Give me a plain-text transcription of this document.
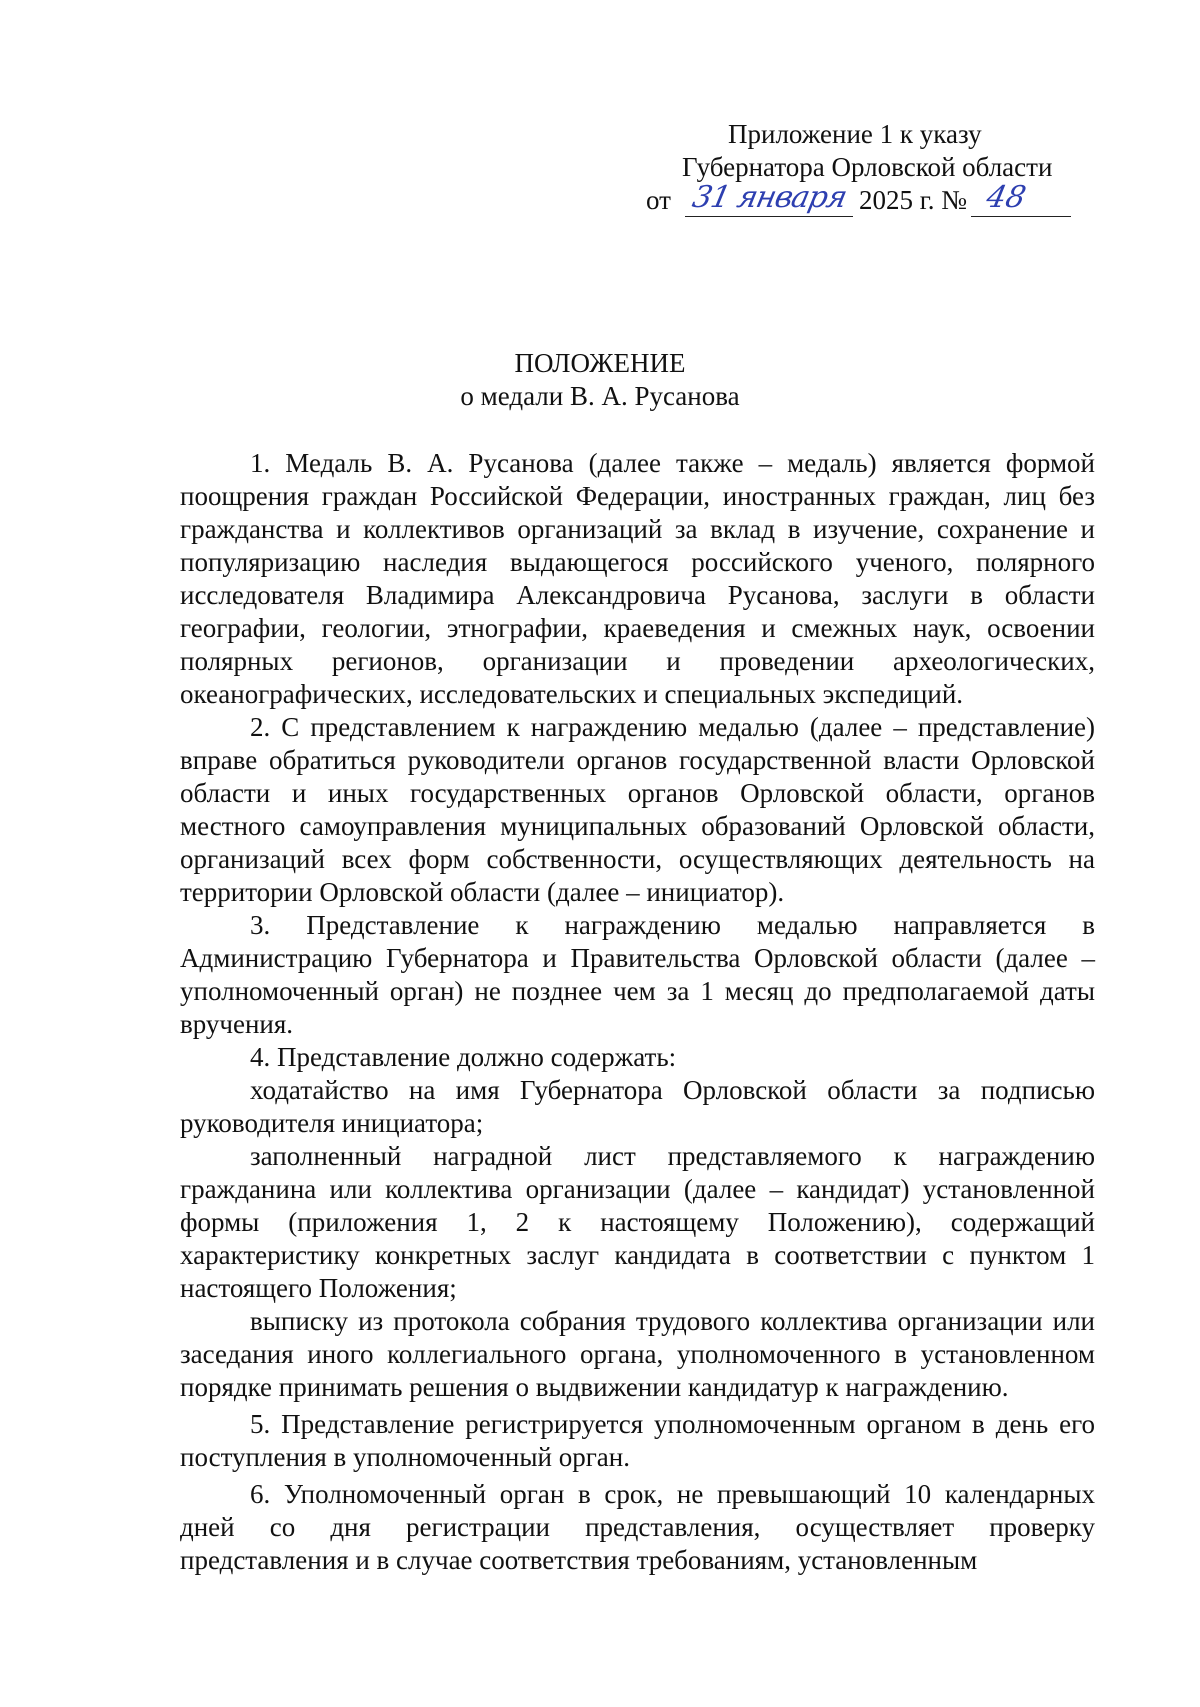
Приложение 1 к указу
Губернатора Орловской области
от 31 января 2025 г. № 48
ПОЛОЖЕНИЕ
о медали В. А. Русанова

1. Медаль В. А. Русанова (далее также – медаль) является формой поощрения граждан Российской Федерации, иностранных граждан, лиц без гражданства и коллективов организаций за вклад в изучение, сохранение и популяризацию наследия выдающегося российского ученого, полярного исследователя Владимира Александровича Русанова, заслуги в области географии, геологии, этнографии, краеведения и смежных наук, освоении полярных регионов, организации и проведении археологических, океанографических, исследовательских и специальных экспедиций.

2. С представлением к награждению медалью (далее – представление) вправе обратиться руководители органов государственной власти Орловской области и иных государственных органов Орловской области, органов местного самоуправления муниципальных образований Орловской области, организаций всех форм собственности, осуществляющих деятельность на территории Орловской области (далее – инициатор).

3. Представление к награждению медалью направляется в Администрацию Губернатора и Правительства Орловской области (далее – уполномоченный орган) не позднее чем за 1 месяц до предполагаемой даты вручения.

4. Представление должно содержать:

ходатайство на имя Губернатора Орловской области за подписью руководителя инициатора;

заполненный наградной лист представляемого к награждению гражданина или коллектива организации (далее – кандидат) установленной формы (приложения 1, 2 к настоящему Положению), содержащий характеристику конкретных заслуг кандидата в соответствии с пунктом 1 настоящего Положения;

выписку из протокола собрания трудового коллектива организации или заседания иного коллегиального органа, уполномоченного в установленном порядке принимать решения о выдвижении кандидатур к награждению.

5. Представление регистрируется уполномоченным органом в день его поступления в уполномоченный орган.

6. Уполномоченный орган в срок, не превышающий 10 календарных дней со дня регистрации представления, осуществляет проверку представления и в случае соответствия требованиям, установленным
